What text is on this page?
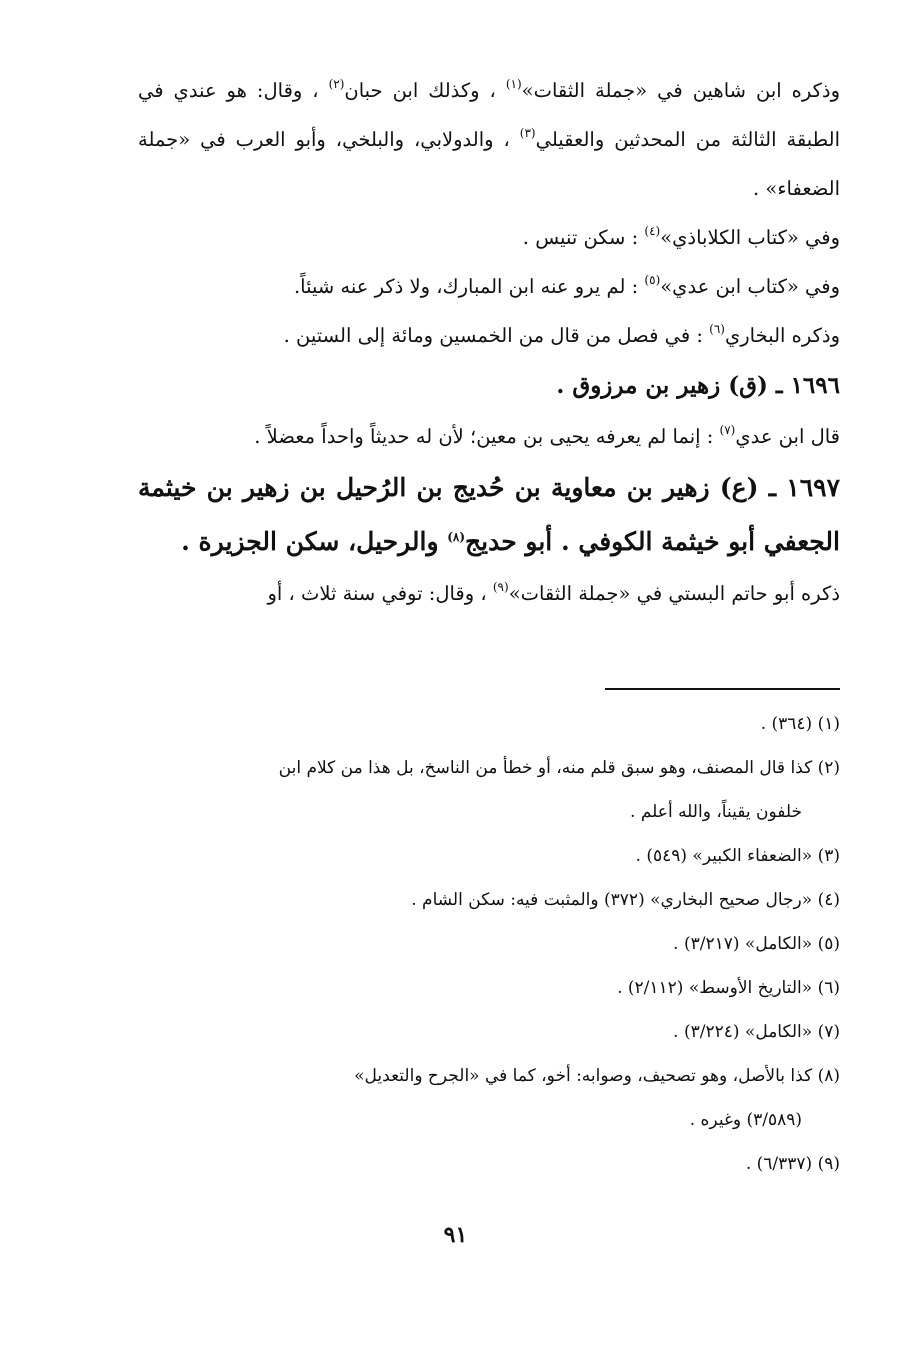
وذكره ابن شاهين في «جملة الثقات»$^{(١)}$ ، وكذلك ابن حبان$^{(٢)}$ ، وقال: هو عندي في الطبقة الثالثة من المحدثين والعقيلي$^{(٣)}$ ، والدولابي، والبلخي، وأبو العرب في «جملة الضعفاء» .

وفي «كتاب الكلاباذي»$^{(٤)}$ : سكن تنيس .

وفي «كتاب ابن عدي»$^{(٥)}$ : لم يرو عنه ابن المبارك، ولا ذكر عنه شيئاً.

وذكره البخاري$^{(٦)}$ : في فصل من قال من الخمسين ومائة إلى الستين .

١٦٩٦ ـ (ق) زهير بن مرزوق .

قال ابن عدي$^{(٧)}$ : إنما لم يعرفه يحيى بن معين؛ لأن له حديثاً واحداً معضلاً .

١٦٩٧ ـ (ع) زهير بن معاوية بن حُديج بن الرُحيل بن زهير بن خيثمة الجعفي أبو خيثمة الكوفي . أبو حديج$^{(٨)}$ والرحيل، سكن الجزيرة .

ذكره أبو حاتم البستي في «جملة الثقات»$^{(٩)}$ ، وقال: توفي سنة ثلاث ، أو

(١) (٣٦٤) .

(٢) كذا قال المصنف، وهو سبق قلم منه، أو خطأ من الناسخ، بل هذا من كلام ابن

خلفون يقيناً، والله أعلم .

(٣) «الضعفاء الكبير» (٥٤٩) .

(٤) «رجال صحيح البخاري» (٣٧٢) والمثبت فيه: سكن الشام .

(٥) «الكامل» (٣/٢١٧) .

(٦) «التاريخ الأوسط» (٢/١١٢) .

(٧) «الكامل» (٣/٢٢٤) .

(٨) كذا بالأصل، وهو تصحيف، وصوابه: أخو، كما في «الجرح والتعديل»

(٣/٥٨٩) وغيره .

(٩) (٦/٣٣٧) .

٩١
